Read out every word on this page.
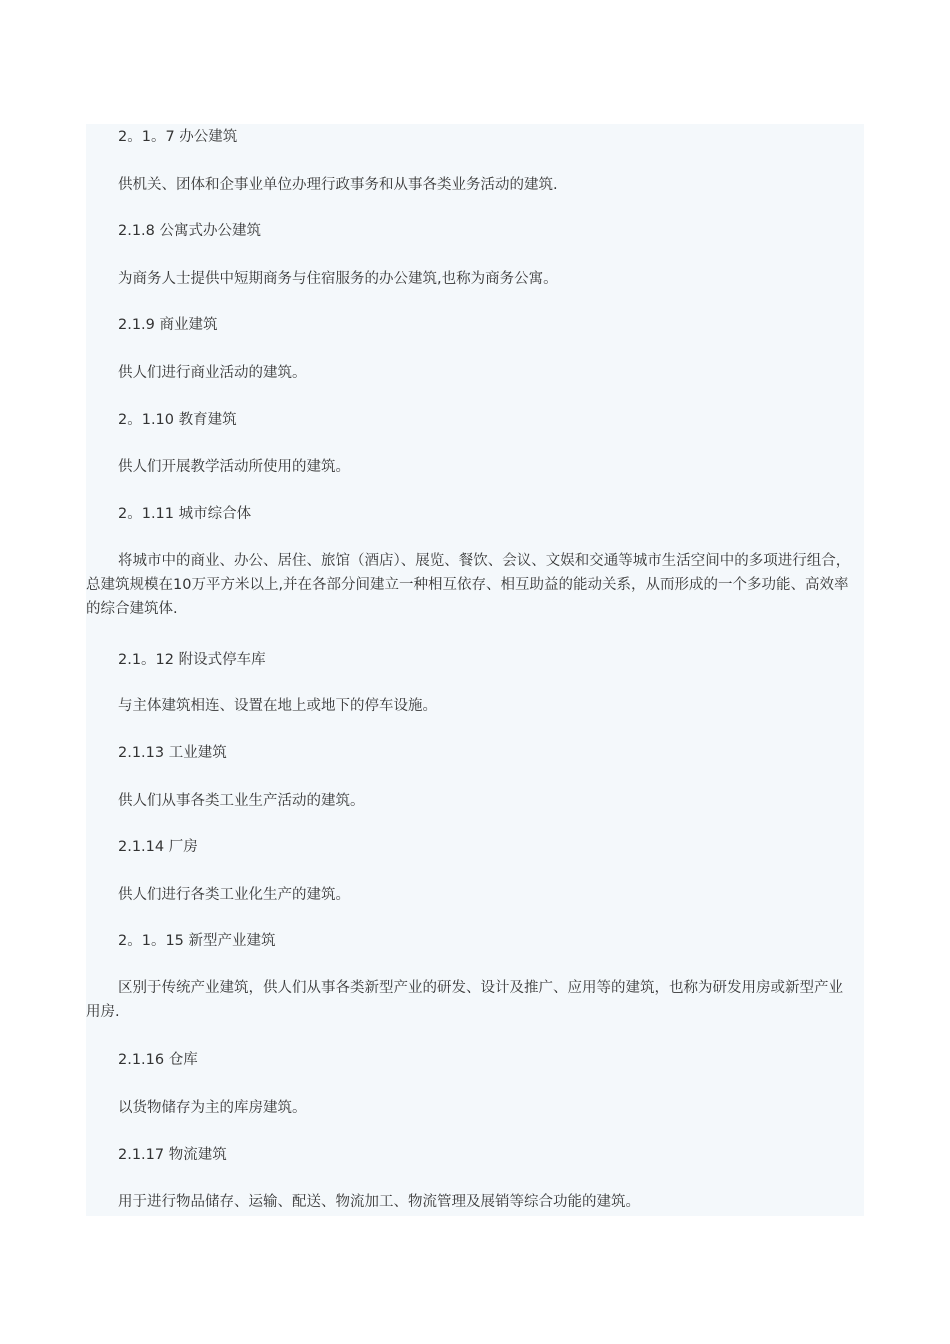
2。1。7 办公建筑

供机关、团体和企事业单位办理行政事务和从事各类业务活动的建筑.

2.1.8 公寓式办公建筑

为商务人士提供中短期商务与住宿服务的办公建筑,也称为商务公寓。

2.1.9 商业建筑

供人们进行商业活动的建筑。

2。1.10 教育建筑

供人们开展教学活动所使用的建筑。

2。1.11 城市综合体

将城市中的商业、办公、居住、旅馆（酒店）、展览、餐饮、会议、文娱和交通等城市生活空间中的多项进行组合，总建筑规模在10万平方米以上,并在各部分间建立一种相互依存、相互助益的能动关系，从而形成的一个多功能、高效率的综合建筑体.

2.1。12 附设式停车库

与主体建筑相连、设置在地上或地下的停车设施。

2.1.13 工业建筑

供人们从事各类工业生产活动的建筑。

2.1.14 厂房

供人们进行各类工业化生产的建筑。

2。1。15 新型产业建筑

区别于传统产业建筑，供人们从事各类新型产业的研发、设计及推广、应用等的建筑，也称为研发用房或新型产业用房.

2.1.16 仓库

以货物储存为主的库房建筑。

2.1.17 物流建筑

用于进行物品储存、运输、配送、物流加工、物流管理及展销等综合功能的建筑。
